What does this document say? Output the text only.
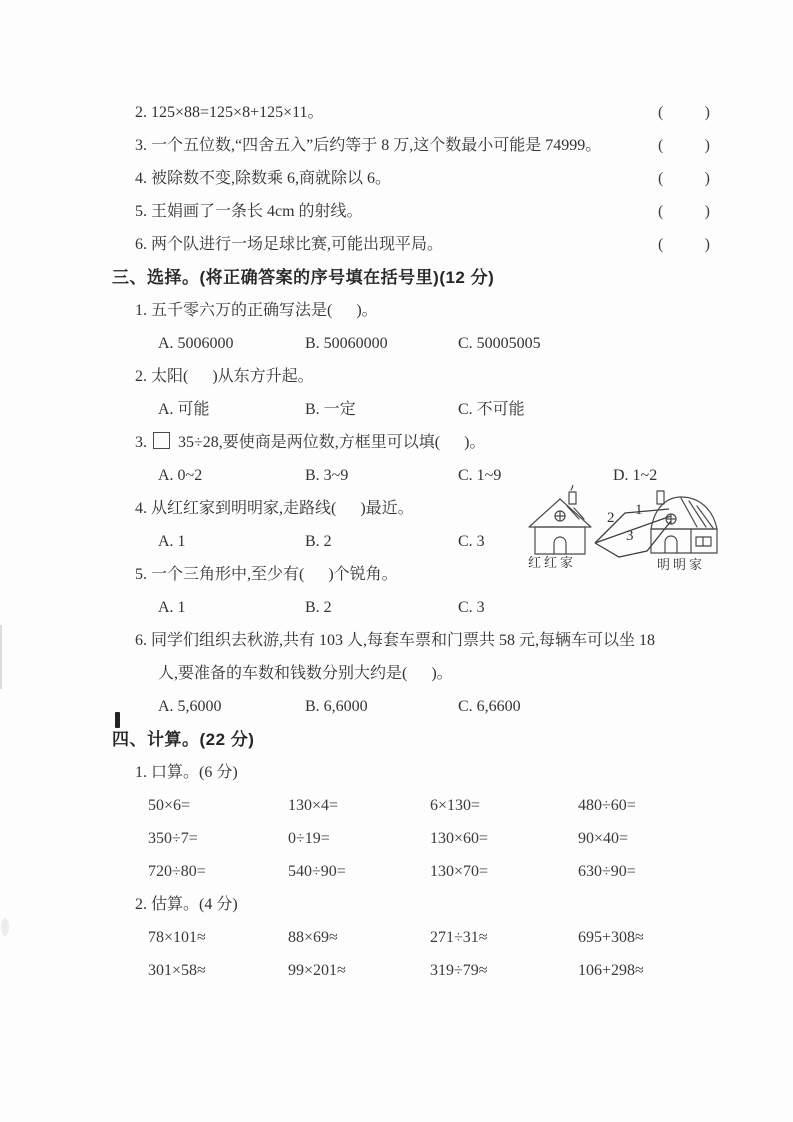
2. 125×88=125×8+125×11。	(	)
3. 一个五位数,“四舍五入”后约等于 8 万,这个数最小可能是 74999。	(	)
4. 被除数不变,除数乘 6,商就除以 6。	(	)
5. 王娟画了一条长 4cm 的射线。	(	)
6. 两个队进行一场足球比赛,可能出现平局。	(	)
三、选择。(将正确答案的序号填在括号里)(12 分)
1. 五千零六万的正确写法是(      )。
A. 5006000	B. 50060000	C. 50005005
2. 太阳(      )从东方升起。
A. 可能	B. 一定	C. 不可能
3.  35÷28,要使商是两位数,方框里可以填(      )。
A. 0~2	B. 3~9	C. 1~9	D. 1~2
4. 从红红家到明明家,走路线(      )最近。
A. 1	B. 2	C. 3
5. 一个三角形中,至少有(      )个锐角。
A. 1	B. 2	C. 3
6. 同学们组织去秋游,共有 103 人,每套车票和门票共 58 元,每辆车可以坐 18
人,要准备的车数和钱数分别大约是(      )。
A. 5,6000	B. 6,6000	C. 6,6600
四、计算。(22 分)
1. 口算。(6 分)
50×6=	130×4=	6×130=	480÷60=
350÷7=	0÷19=	130×60=	90×40=
720÷80=	540÷90=	130×70=	630÷90=
2. 估算。(4 分)
78×101≈	88×69≈	271÷31≈	695+308≈
301×58≈	99×201≈	319÷79≈	106+298≈
1
2
3
红红家	明明家
